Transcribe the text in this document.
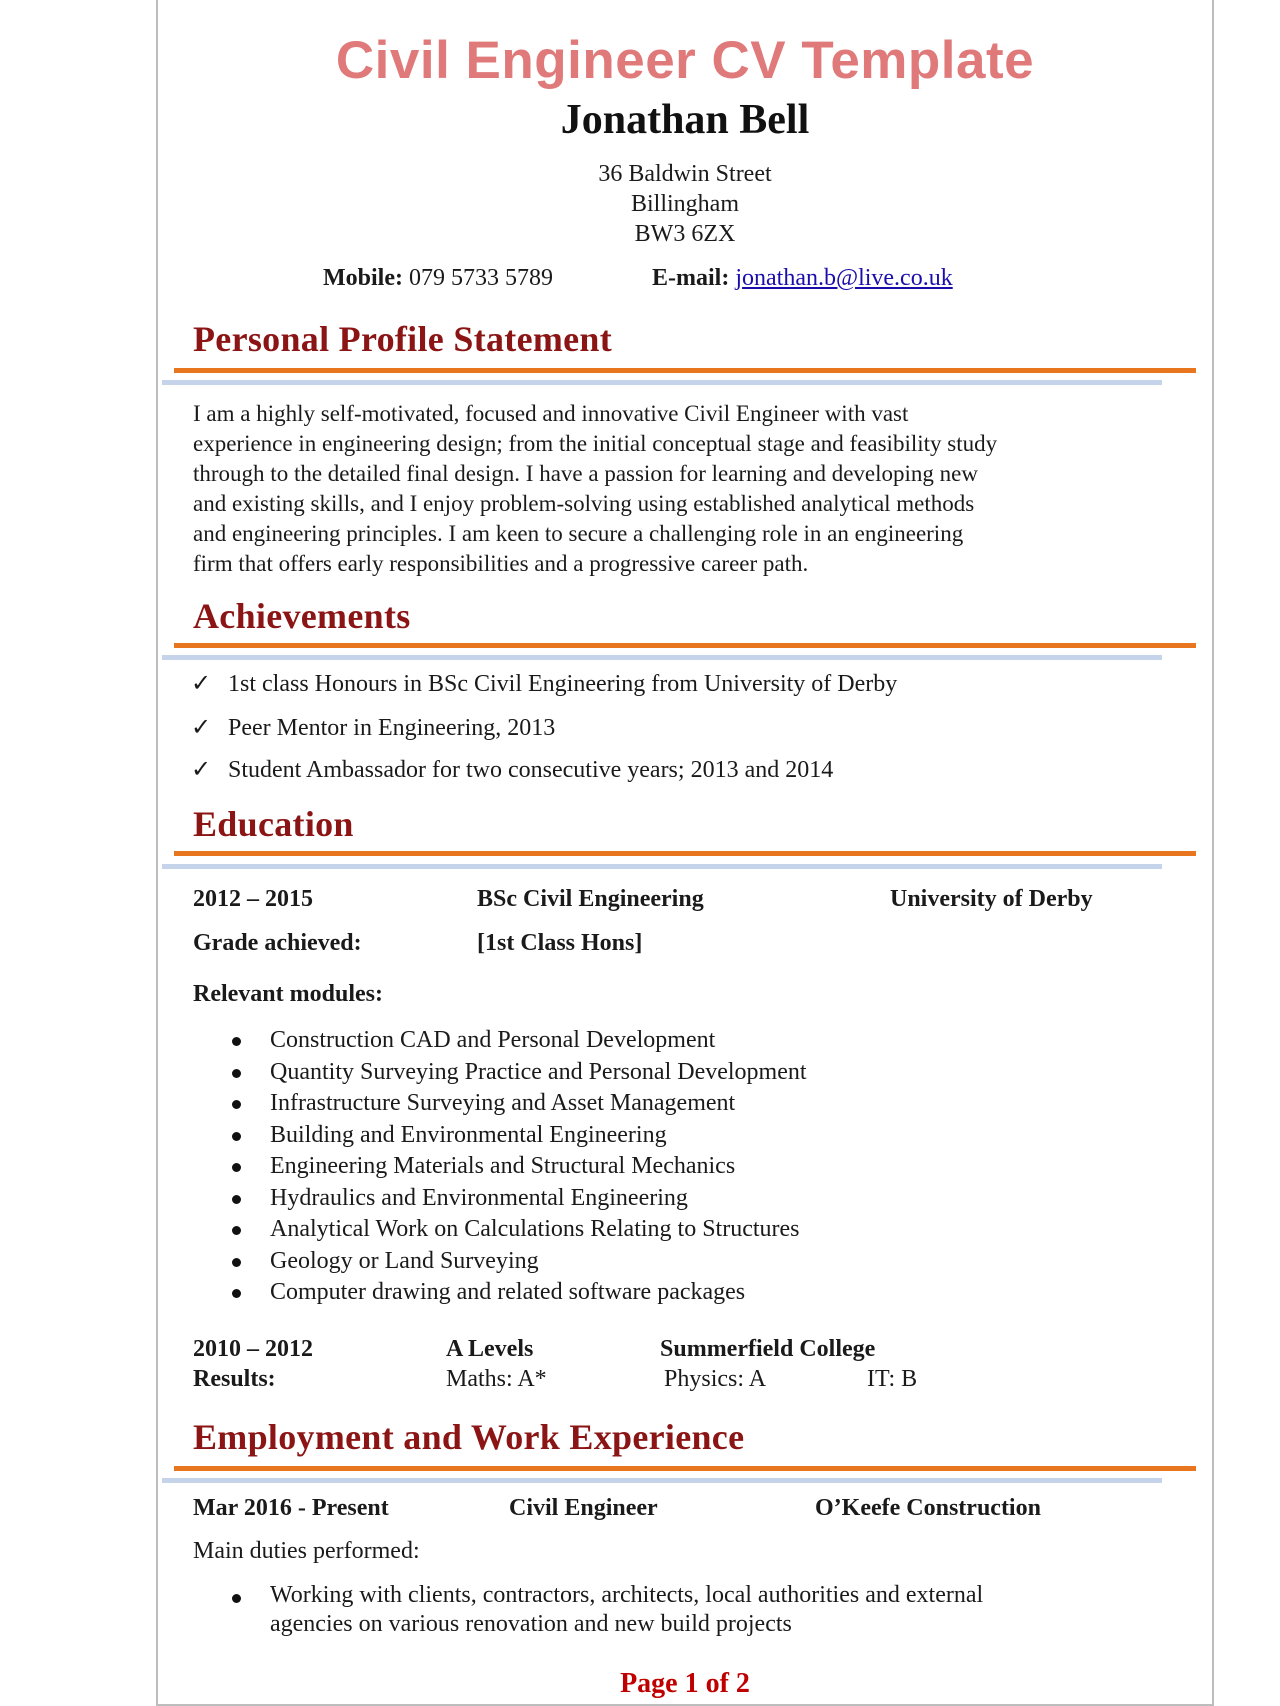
Civil Engineer CV Template
Jonathan Bell
36 Baldwin Street
Billingham
BW3 6ZX
Mobile: 079 5733 5789	E-mail: jonathan.b@live.co.uk
Personal Profile Statement
I am a highly self-motivated, focused and innovative Civil Engineer with vast
experience in engineering design; from the initial conceptual stage and feasibility study
through to the detailed final design. I have a passion for learning and developing new
and existing skills, and I enjoy problem-solving using established analytical methods
and engineering principles. I am keen to secure a challenging role in an engineering
firm that offers early responsibilities and a progressive career path.
Achievements
✓ 1st class Honours in BSc Civil Engineering from University of Derby
✓ Peer Mentor in Engineering, 2013
✓ Student Ambassador for two consecutive years; 2013 and 2014
Education
2012 – 2015	BSc Civil Engineering	University of Derby
Grade achieved:	[1st Class Hons]
Relevant modules:
Construction CAD and Personal Development
Quantity Surveying Practice and Personal Development
Infrastructure Surveying and Asset Management
Building and Environmental Engineering
Engineering Materials and Structural Mechanics
Hydraulics and Environmental Engineering
Analytical Work on Calculations Relating to Structures
Geology or Land Surveying
Computer drawing and related software packages
2010 – 2012	A Levels	Summerfield College
Results:	Maths: A*	Physics: A	IT: B
Employment and Work Experience
Mar 2016 - Present	Civil Engineer	O’Keefe Construction
Main duties performed:
Working with clients, contractors, architects, local authorities and external
agencies on various renovation and new build projects
Page 1 of 2
